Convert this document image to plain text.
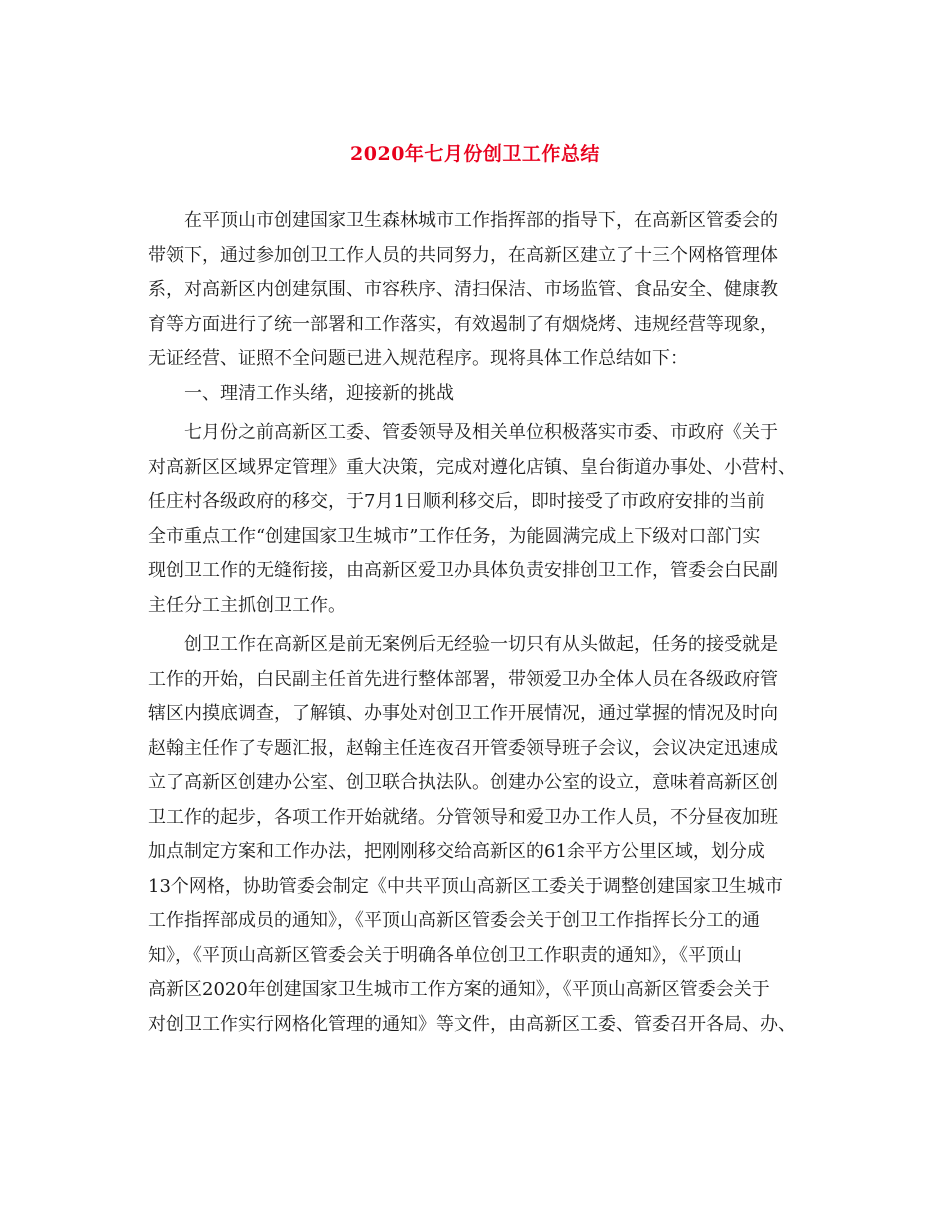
2020年七月份创卫工作总结
在平顶山市创建国家卫生森林城市工作指挥部的指导下，在高新区管委会的
带领下，通过参加创卫工作人员的共同努力，在高新区建立了十三个网格管理体
系，对高新区内创建氛围、市容秩序、清扫保洁、市场监管、食品安全、健康教
育等方面进行了统一部署和工作落实，有效遏制了有烟烧烤、违规经营等现象，
无证经营、证照不全问题已进入规范程序。现将具体工作总结如下：
一、理清工作头绪，迎接新的挑战
七月份之前高新区工委、管委领导及相关单位积极落实市委、市政府《关于
对高新区区域界定管理》重大决策，完成对遵化店镇、皇台街道办事处、小营村、
任庄村各级政府的移交，于7月1日顺利移交后，即时接受了市政府安排的当前
全市重点工作“创建国家卫生城市”工作任务，为能圆满完成上下级对口部门实
现创卫工作的无缝衔接，由高新区爱卫办具体负责安排创卫工作，管委会白民副
主任分工主抓创卫工作。
创卫工作在高新区是前无案例后无经验一切只有从头做起，任务的接受就是
工作的开始，白民副主任首先进行整体部署，带领爱卫办全体人员在各级政府管
辖区内摸底调查，了解镇、办事处对创卫工作开展情况，通过掌握的情况及时向
赵翰主任作了专题汇报，赵翰主任连夜召开管委领导班子会议，会议决定迅速成
立了高新区创建办公室、创卫联合执法队。创建办公室的设立，意味着高新区创
卫工作的起步，各项工作开始就绪。分管领导和爱卫办工作人员，不分昼夜加班
加点制定方案和工作办法，把刚刚移交给高新区的61余平方公里区域，划分成
13个网格，协助管委会制定《中共平顶山高新区工委关于调整创建国家卫生城市
工作指挥部成员的通知》，《平顶山高新区管委会关于创卫工作指挥长分工的通
知》，《平顶山高新区管委会关于明确各单位创卫工作职责的通知》，《平顶山
高新区2020年创建国家卫生城市工作方案的通知》，《平顶山高新区管委会关于
对创卫工作实行网格化管理的通知》等文件，由高新区工委、管委召开各局、办、
